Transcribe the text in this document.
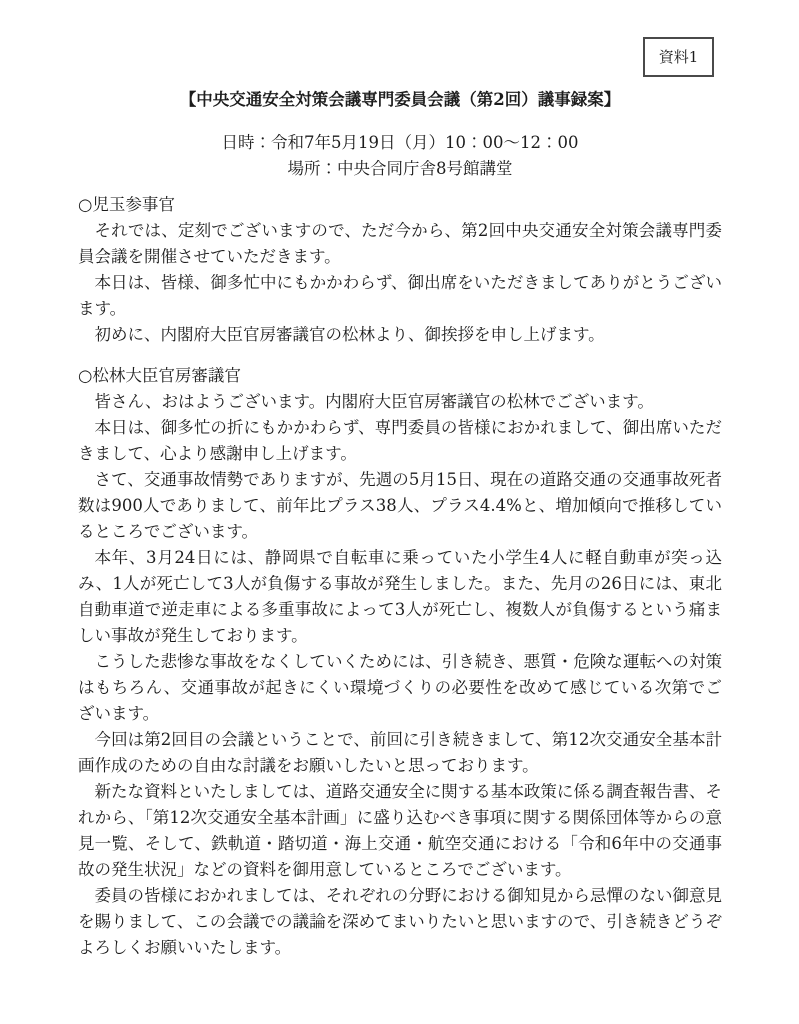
資料1
【中央交通安全対策会議専門委員会議（第2回）議事録案】

日時：令和7年5月19日（月）10：00～12：00

場所：中央合同庁舎8号館講堂

○児玉参事官

それでは、定刻でございますので、ただ今から、第2回中央交通安全対策会議専門委員会議を開催させていただきます。

本日は、皆様、御多忙中にもかかわらず、御出席をいただきましてありがとうございます。

初めに、内閣府大臣官房審議官の松林より、御挨拶を申し上げます。

○松林大臣官房審議官

皆さん、おはようございます。内閣府大臣官房審議官の松林でございます。

本日は、御多忙の折にもかかわらず、専門委員の皆様におかれまして、御出席いただきまして、心より感謝申し上げます。

さて、交通事故情勢でありますが、先週の5月15日、現在の道路交通の交通事故死者数は900人でありまして、前年比プラス38人、プラス4.4%と、増加傾向で推移しているところでございます。

本年、3月24日には、静岡県で自転車に乗っていた小学生4人に軽自動車が突っ込み、1人が死亡して3人が負傷する事故が発生しました。また、先月の26日には、東北自動車道で逆走車による多重事故によって3人が死亡し、複数人が負傷するという痛ましい事故が発生しております。

こうした悲惨な事故をなくしていくためには、引き続き、悪質・危険な運転への対策はもちろん、交通事故が起きにくい環境づくりの必要性を改めて感じている次第でございます。

今回は第2回目の会議ということで、前回に引き続きまして、第12次交通安全基本計画作成のための自由な討議をお願いしたいと思っております。

新たな資料といたしましては、道路交通安全に関する基本政策に係る調査報告書、それから、「第12次交通安全基本計画」に盛り込むべき事項に関する関係団体等からの意見一覧、そして、鉄軌道・踏切道・海上交通・航空交通における「令和6年中の交通事故の発生状況」などの資料を御用意しているところでございます。

委員の皆様におかれましては、それぞれの分野における御知見から忌憚のない御意見を賜りまして、この会議での議論を深めてまいりたいと思いますので、引き続きどうぞよろしくお願いいたします。
